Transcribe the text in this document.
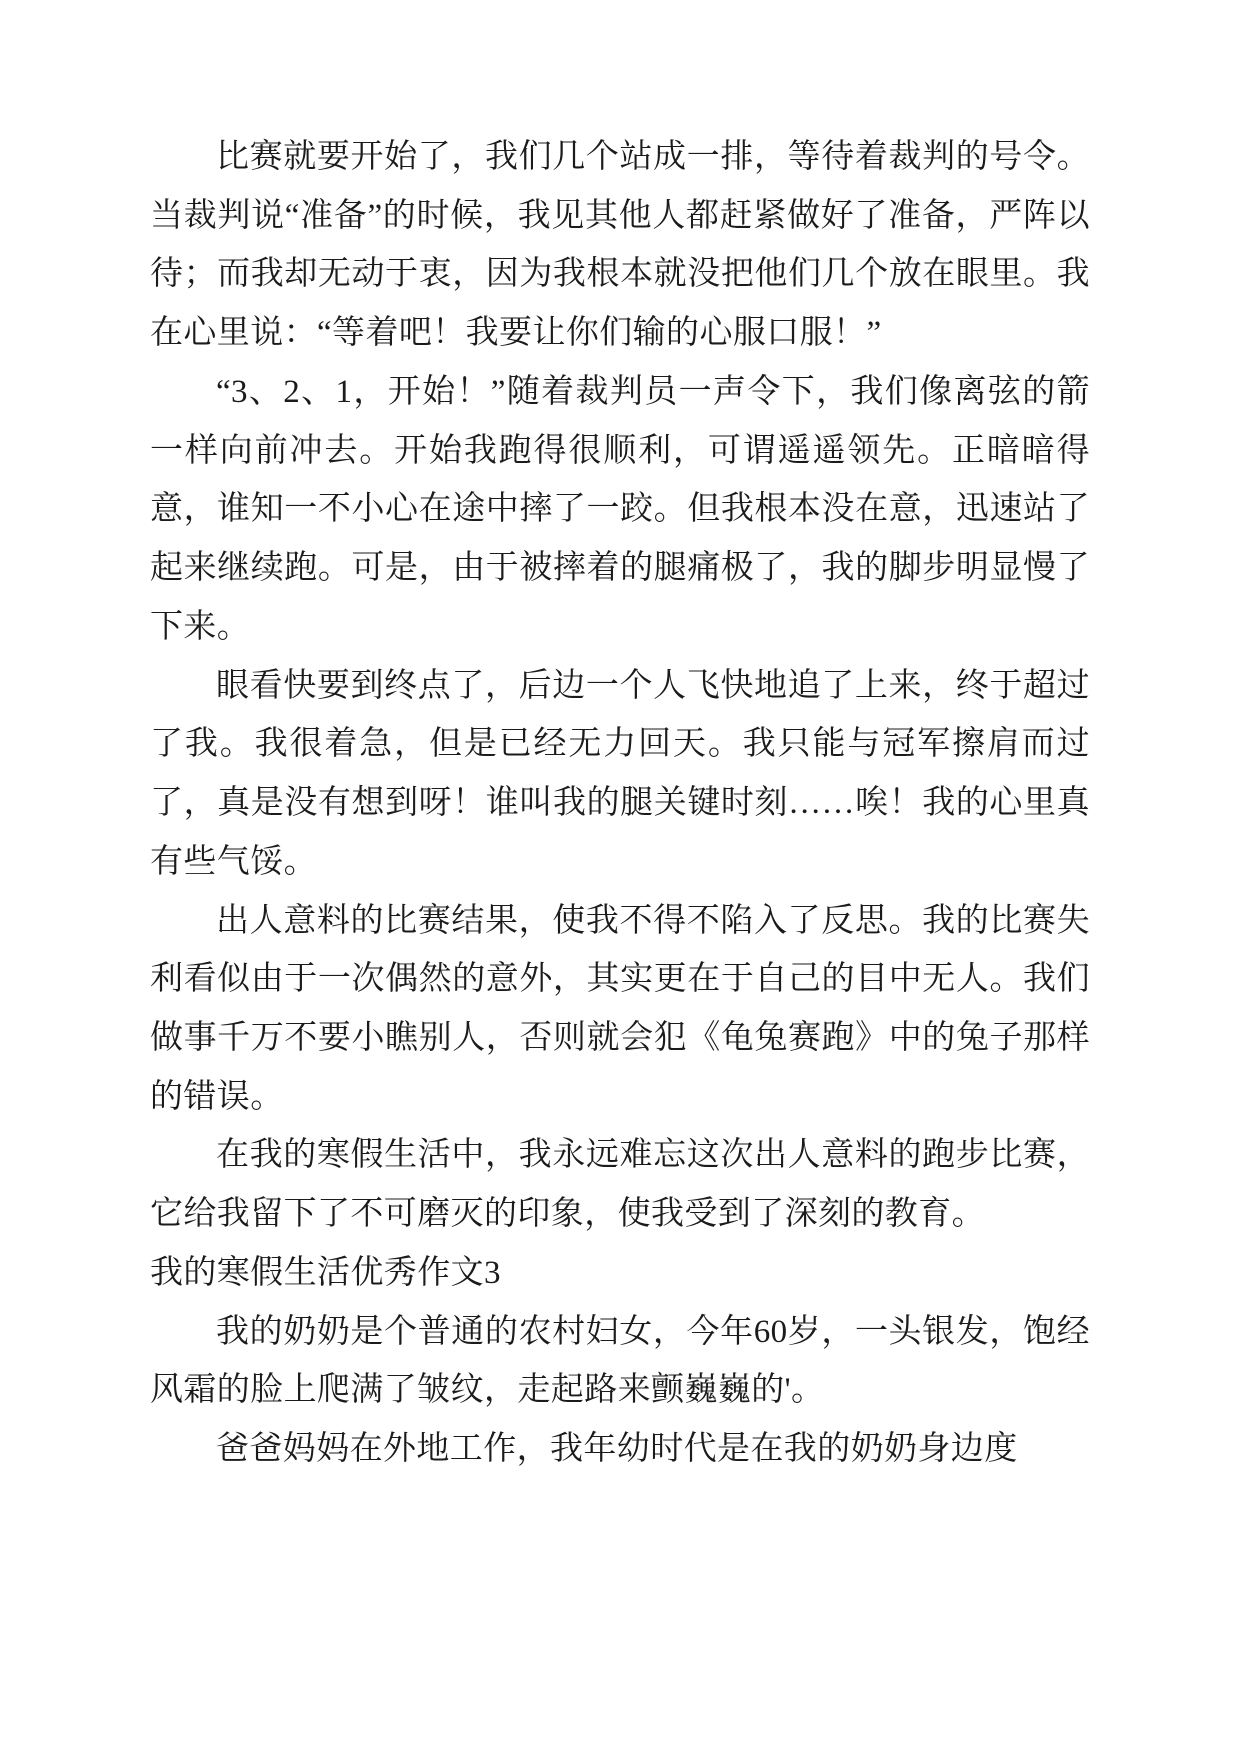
比赛就要开始了，我们几个站成一排，等待着裁判的号令。当裁判说“准备”的时候，我见其他人都赶紧做好了准备，严阵以待；而我却无动于衷，因为我根本就没把他们几个放在眼里。我在心里说：“等着吧！我要让你们输的心服口服！”

“3、2、1，开始！”随着裁判员一声令下，我们像离弦的箭一样向前冲去。开始我跑得很顺利，可谓遥遥领先。正暗暗得意，谁知一不小心在途中摔了一跤。但我根本没在意，迅速站了起来继续跑。可是，由于被摔着的腿痛极了，我的脚步明显慢了下来。

眼看快要到终点了，后边一个人飞快地追了上来，终于超过了我。我很着急，但是已经无力回天。我只能与冠军擦肩而过了，真是没有想到呀！谁叫我的腿关键时刻……唉！我的心里真有些气馁。

出人意料的比赛结果，使我不得不陷入了反思。我的比赛失利看似由于一次偶然的意外，其实更在于自己的目中无人。我们做事千万不要小瞧别人，否则就会犯《龟兔赛跑》中的兔子那样的错误。

在我的寒假生活中，我永远难忘这次出人意料的跑步比赛，它给我留下了不可磨灭的印象，使我受到了深刻的教育。

我的寒假生活优秀作文3

我的奶奶是个普通的农村妇女，今年60岁，一头银发，饱经风霜的脸上爬满了皱纹，走起路来颤巍巍的'。

爸爸妈妈在外地工作，我年幼时代是在我的奶奶身边度
